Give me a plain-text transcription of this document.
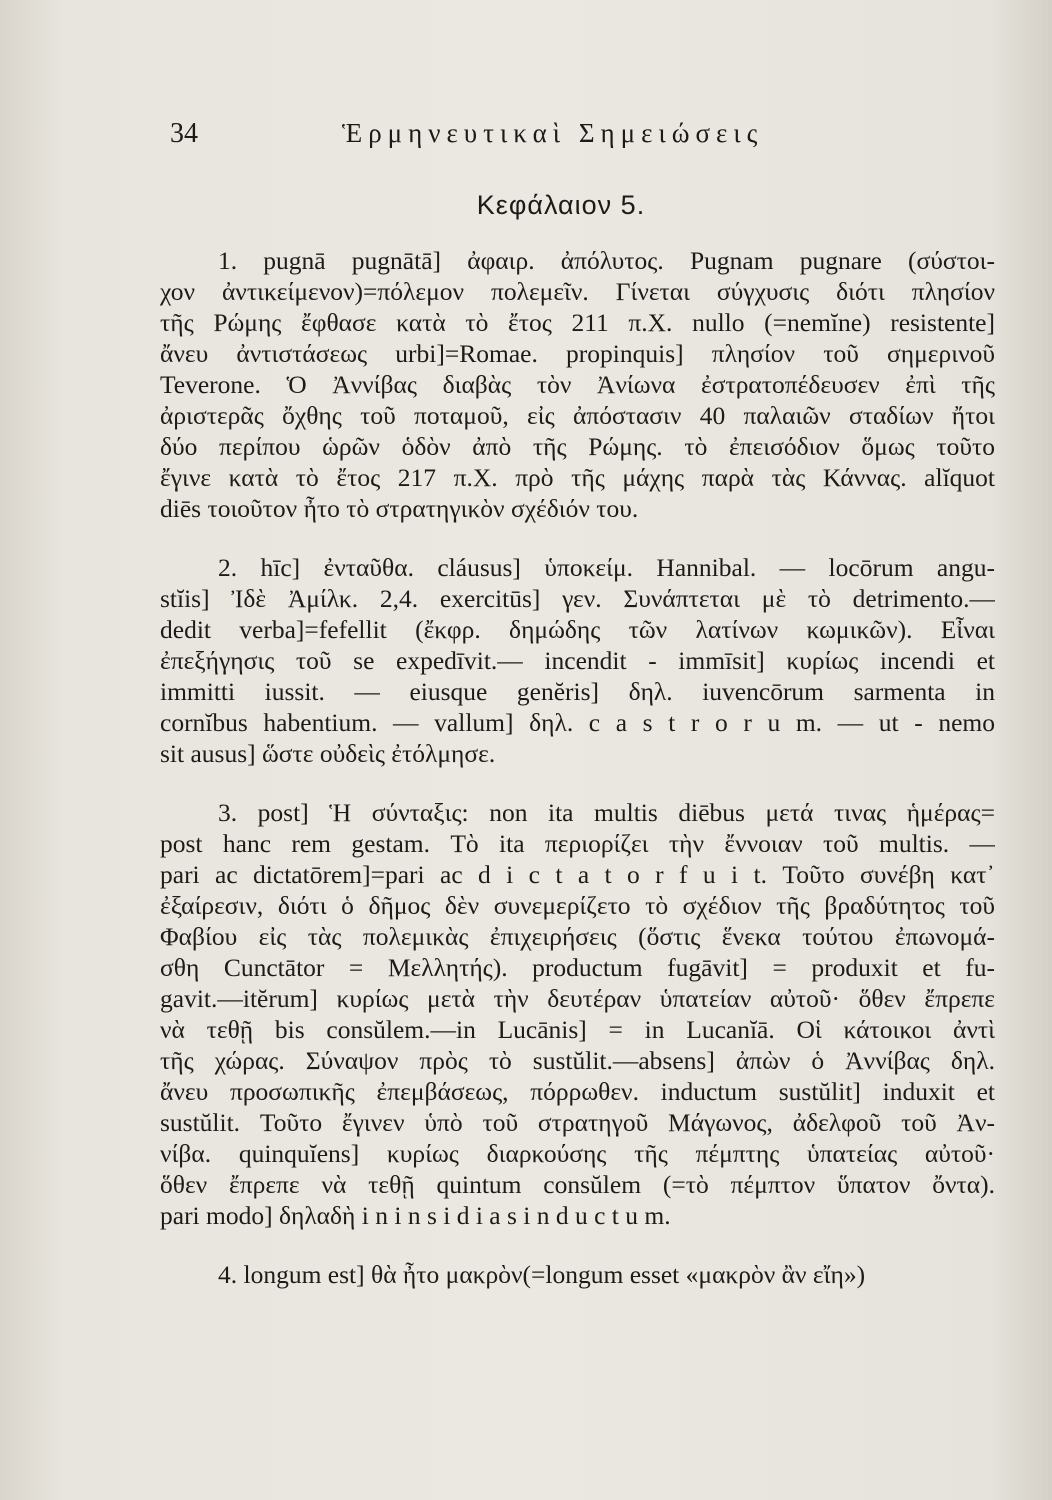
34	Ἑρμηνευτικαὶ Σημειώσεις
Κεφάλαιον 5.
1. pugnā pugnātā] ἀφαιρ. ἀπόλυτος. Pugnam pugnare (σύστοι-
χον ἀντικείμενον)=πόλεμον πολεμεῖν. Γίνεται σύγχυσις διότι πλησίον
τῆς Ρώμης ἔφθασε κατὰ τὸ ἔτος 211 π.Χ. nullo (=nemĭne) resistente]
ἄνευ ἀντιστάσεως urbi]=Romae. propinquis] πλησίον τοῦ σημερινοῦ
Teverone. Ὁ Ἀννίβας διαβὰς τὸν Ἀνίωνα ἐστρατοπέδευσεν ἐπὶ τῆς
ἀριστερᾶς ὄχθης τοῦ ποταμοῦ, εἰς ἀπόστασιν 40 παλαιῶν σταδίων ἤτοι
δύο περίπου ὡρῶν ὁδὸν ἀπὸ τῆς Ρώμης. τὸ ἐπεισόδιον ὅμως τοῦτο
ἔγινε κατὰ τὸ ἔτος 217 π.Χ. πρὸ τῆς μάχης παρὰ τὰς Κάννας. alĭquot
diēs τοιοῦτον ἦτο τὸ στρατηγικὸν σχέδιόν του.
2. hīc] ἐνταῦθα. cláusus] ὑποκείμ. Hannibal. — locōrum angu-
stĭis] Ἰδὲ Ἀμίλκ. 2,4. exercitūs] γεν. Συνάπτεται μὲ τὸ detrimento.—
dedit verba]=fefellit (ἔκφρ. δημώδης τῶν λατίνων κωμικῶν). Εἶναι
ἐπεξήγησις τοῦ se expedīvit.— incendit - immīsit] κυρίως incendi et
immitti iussit. — eiusque genĕris] δηλ. iuvencōrum sarmenta in
cornĭbus habentium. — vallum] δηλ. c a s t r o r u m. — ut - nemo
sit ausus] ὥστε οὐδεὶς ἐτόλμησε.
3. post] Ἡ σύνταξις: non ita multis diēbus μετά τινας ἡμέρας=
post hanc rem gestam. Τὸ ita περιορίζει τὴν ἔννοιαν τοῦ multis. —
pari ac dictatōrem]=pari ac d i c t a t o r f u i t. Τοῦτο συνέβη κατ᾽
ἐξαίρεσιν, διότι ὁ δῆμος δὲν συνεμερίζετο τὸ σχέδιον τῆς βραδύτητος τοῦ
Φαβίου εἰς τὰς πολεμικὰς ἐπιχειρήσεις (ὅστις ἕνεκα τούτου ἐπωνομά-
σθη Cunctātor = Μελλητής). productum fugāvit] = produxit et fu-
gavit.—itĕrum] κυρίως μετὰ τὴν δευτέραν ὑπατείαν αὐτοῦ· ὅθεν ἔπρεπε
νὰ τεθῇ bis consŭlem.—in Lucānis] = in Lucanĭā. Οἱ κάτοικοι ἀντὶ
τῆς χώρας. Σύναψον πρὸς τὸ sustŭlit.—absens] ἀπὼν ὁ Ἀννίβας δηλ.
ἄνευ προσωπικῆς ἐπεμβάσεως, πόρρωθεν. inductum sustŭlit] induxit et
sustŭlit. Τοῦτο ἔγινεν ὑπὸ τοῦ στρατηγοῦ Μάγωνος, ἀδελφοῦ τοῦ Ἀν-
νίβα. quinquĭens] κυρίως διαρκούσης τῆς πέμπτης ὑπατείας αὐτοῦ·
ὅθεν ἔπρεπε νὰ τεθῇ quintum consŭlem (=τὸ πέμπτον ὕπατον ὄντα).
pari modo] δηλαδὴ i n i n s i d i a s i n d u c t u m.
4. longum est] θὰ ἦτο μακρὸν(=longum esset «μακρὸν ἂν εἴη»)
